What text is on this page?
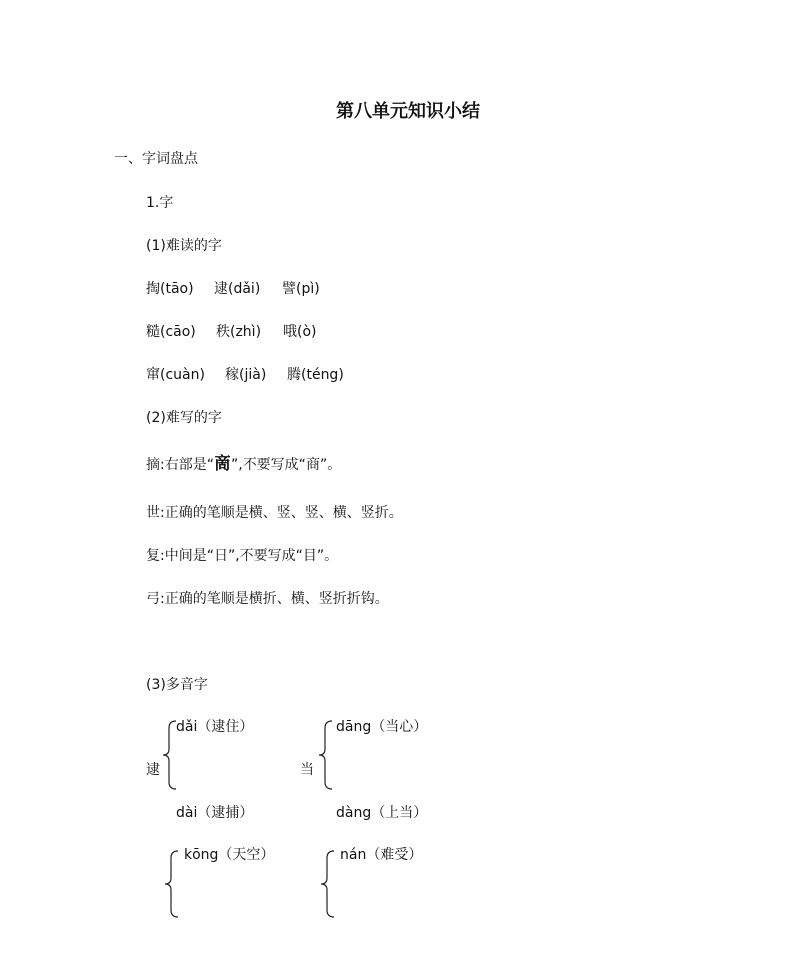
第八单元知识小结
一、字词盘点
1.字
(1)难读的字
掏(tāo) 逮(dǎi) 譬(pì)
糙(cāo) 秩(zhì) 哦(ò)
窜(cuàn) 稼(jià) 腾(téng)
(2)难写的字
摘:右部是“啇”,不要写成“商”。
世:正确的笔顺是横、竖、竖、横、竖折。
复:中间是“日”,不要写成“目”。
弓:正确的笔顺是横折、横、竖折折钩。
(3)多音字
逮
dǎi（逮住）
dài（逮捕）
当
dāng（当心）
dàng（上当）
kōng（天空）	nán（难受）
